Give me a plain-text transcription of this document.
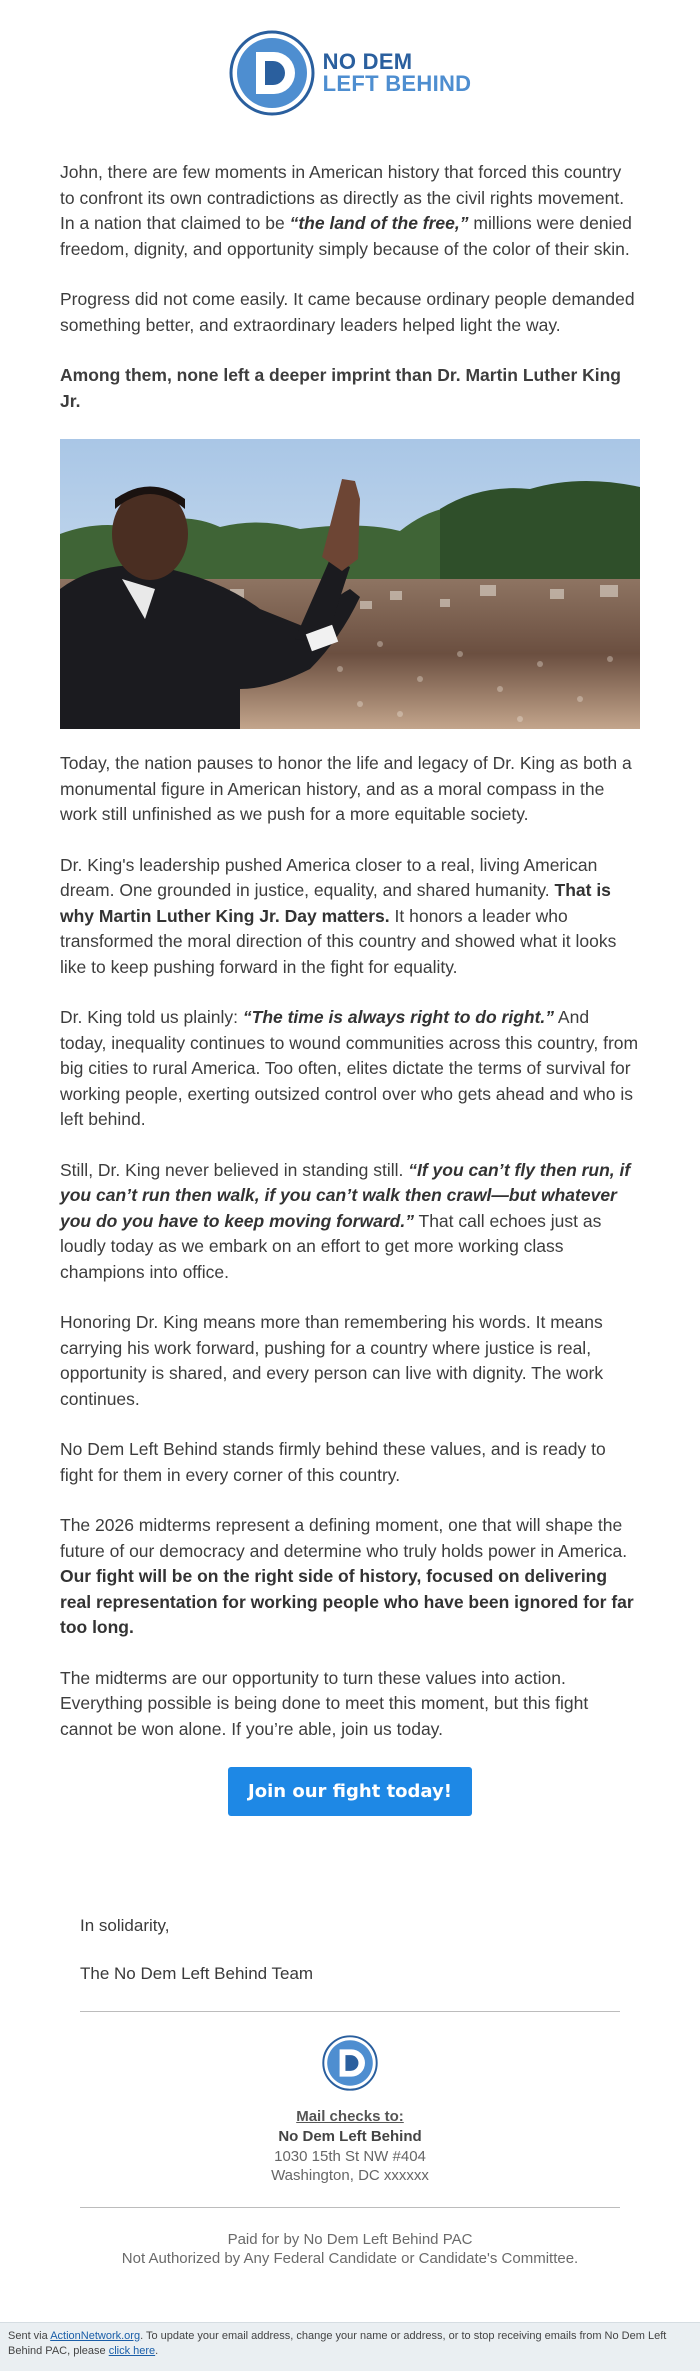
NO DEM
LEFT BEHIND

John, there are few moments in American history that forced this country to confront its own contradictions as directly as the civil rights movement. In a nation that claimed to be “the land of the free,” millions were denied freedom, dignity, and opportunity simply because of the color of their skin.

Progress did not come easily. It came because ordinary people demanded something better, and extraordinary leaders helped light the way.

Among them, none left a deeper imprint than Dr. Martin Luther King Jr.

Today, the nation pauses to honor the life and legacy of Dr. King as both a monumental figure in American history, and as a moral compass in the work still unfinished as we push for a more equitable society.

Dr. King's leadership pushed America closer to a real, living American dream. One grounded in justice, equality, and shared humanity. That is why Martin Luther King Jr. Day matters. It honors a leader who transformed the moral direction of this country and showed what it looks like to keep pushing forward in the fight for equality.

Dr. King told us plainly: “The time is always right to do right.” And today, inequality continues to wound communities across this country, from big cities to rural America. Too often, elites dictate the terms of survival for working people, exerting outsized control over who gets ahead and who is left behind.

Still, Dr. King never believed in standing still. “If you can’t fly then run, if you can’t run then walk, if you can’t walk then crawl—but whatever you do you have to keep moving forward.” That call echoes just as loudly today as we embark on an effort to get more working class champions into office.

Honoring Dr. King means more than remembering his words. It means carrying his work forward, pushing for a country where justice is real, opportunity is shared, and every person can live with dignity. The work continues.

No Dem Left Behind stands firmly behind these values, and is ready to fight for them in every corner of this country.

The 2026 midterms represent a defining moment, one that will shape the future of our democracy and determine who truly holds power in America. Our fight will be on the right side of history, focused on delivering real representation for working people who have been ignored for far too long.

The midterms are our opportunity to turn these values into action. Everything possible is being done to meet this moment, but this fight cannot be won alone. If you’re able, join us today.

Join our fight today!

In solidarity,

The No Dem Left Behind Team

Mail checks to:

No Dem Left Behind

1030 15th St NW #404

Washington, DC xxxxxx

Paid for by No Dem Left Behind PAC

Not Authorized by Any Federal Candidate or Candidate's Committee.

Sent via ActionNetwork.org. To update your email address, change your name or address, or to stop receiving emails from No Dem Left Behind PAC, please click here.
